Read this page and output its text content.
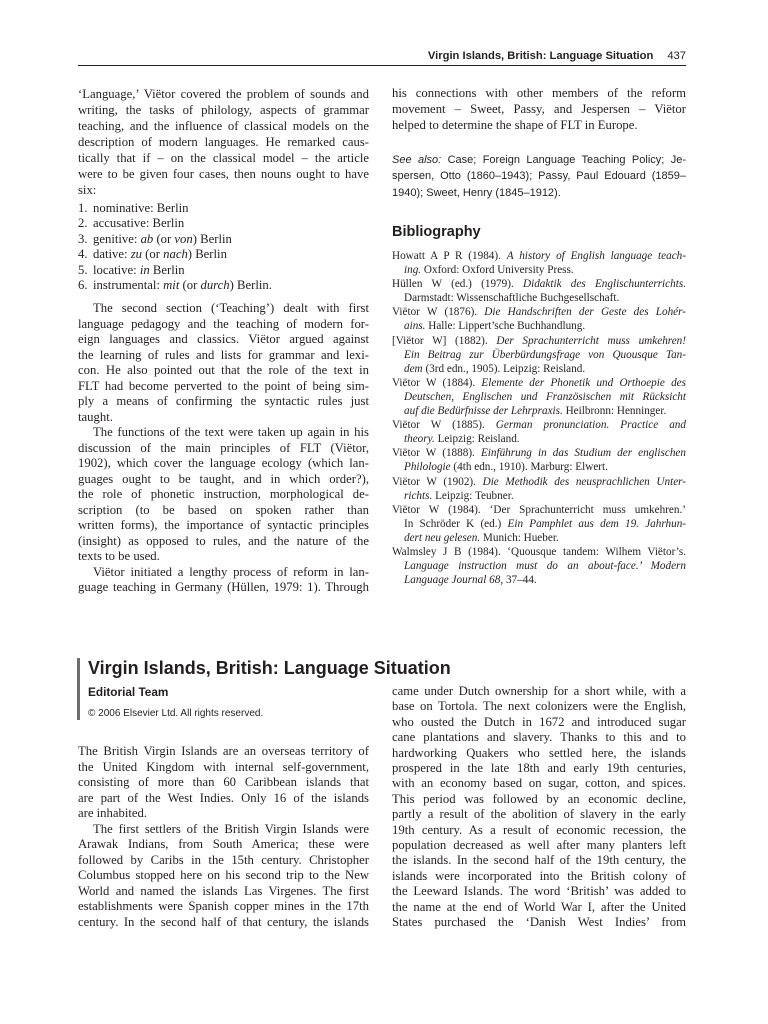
Virgin Islands, British: Language Situation 437
‘Language,’ Viëtor covered the problem of sounds and
writing, the tasks of philology, aspects of grammar
teaching, and the influence of classical models on the
description of modern languages. He remarked caus-
tically that if – on the classical model – the article
were to be given four cases, then nouns ought to have
six:
1. nominative: Berlin
2. accusative: Berlin
3. genitive: ab (or von) Berlin
4. dative: zu (or nach) Berlin
5. locative: in Berlin
6. instrumental: mit (or durch) Berlin.
The second section (‘Teaching’) dealt with first
language pedagogy and the teaching of modern for-
eign languages and classics. Viëtor argued against
the learning of rules and lists for grammar and lexi-
con. He also pointed out that the role of the text in
FLT had become perverted to the point of being sim-
ply a means of confirming the syntactic rules just
taught.
The functions of the text were taken up again in his
discussion of the main principles of FLT (Viëtor,
1902), which cover the language ecology (which lan-
guages ought to be taught, and in which order?),
the role of phonetic instruction, morphological de-
scription (to be based on spoken rather than
written forms), the importance of syntactic principles
(insight) as opposed to rules, and the nature of the
texts to be used.
Viëtor initiated a lengthy process of reform in lan-
guage teaching in Germany (Hüllen, 1979: 1). Through
his connections with other members of the reform
movement – Sweet, Passy, and Jespersen – Viëtor
helped to determine the shape of FLT in Europe.
See also: Case; Foreign Language Teaching Policy; Je-
spersen, Otto (1860–1943); Passy, Paul Edouard (1859–
1940); Sweet, Henry (1845–1912).
Bibliography
Howatt A P R (1984). A history of English language teach-
ing. Oxford: Oxford University Press.
Hüllen W (ed.) (1979). Didaktik des Englischunterrichts.
Darmstadt: Wissenschaftliche Buchgesellschaft.
Viëtor W (1876). Die Handschriften der Geste des Lohér-
ains. Halle: Lippert’sche Buchhandlung.
[Viëtor W] (1882). Der Sprachunterricht muss umkehren!
Ein Beitrag zur Überbürdungsfrage von Quousque Tan-
dem (3rd edn., 1905). Leipzig: Reisland.
Viëtor W (1884). Elemente der Phonetik und Orthoepie des
Deutschen, Englischen und Französischen mit Rücksicht
auf die Bedürfnisse der Lehrpraxis. Heilbronn: Henninger.
Viëtor W (1885). German pronunciation. Practice and
theory. Leipzig: Reisland.
Viëtor W (1888). Einführung in das Studium der englischen
Philologie (4th edn., 1910). Marburg: Elwert.
Viëtor W (1902). Die Methodik des neusprachlichen Unter-
richts. Leipzig: Teubner.
Viëtor W (1984). ‘Der Sprachunterricht muss umkehren.’
In Schröder K (ed.) Ein Pamphlet aus dem 19. Jahrhun-
dert neu gelesen. Munich: Hueber.
Walmsley J B (1984). ‘Quousque tandem: Wilhem Viëtor’s.
Language instruction must do an about-face.’ Modern
Language Journal 68, 37–44.
Virgin Islands, British: Language Situation
Editorial Team
© 2006 Elsevier Ltd. All rights reserved.
The British Virgin Islands are an overseas territory of
the United Kingdom with internal self-government,
consisting of more than 60 Caribbean islands that
are part of the West Indies. Only 16 of the islands
are inhabited.
The first settlers of the British Virgin Islands were
Arawak Indians, from South America; these were
followed by Caribs in the 15th century. Christopher
Columbus stopped here on his second trip to the New
World and named the islands Las Virgenes. The first
establishments were Spanish copper mines in the 17th
century. In the second half of that century, the islands
came under Dutch ownership for a short while, with a
base on Tortola. The next colonizers were the English,
who ousted the Dutch in 1672 and introduced sugar
cane plantations and slavery. Thanks to this and to
hardworking Quakers who settled here, the islands
prospered in the late 18th and early 19th centuries,
with an economy based on sugar, cotton, and spices.
This period was followed by an economic decline,
partly a result of the abolition of slavery in the early
19th century. As a result of economic recession, the
population decreased as well after many planters left
the islands. In the second half of the 19th century, the
islands were incorporated into the British colony of
the Leeward Islands. The word ‘British’ was added to
the name at the end of World War I, after the United
States purchased the ‘Danish West Indies’ from
